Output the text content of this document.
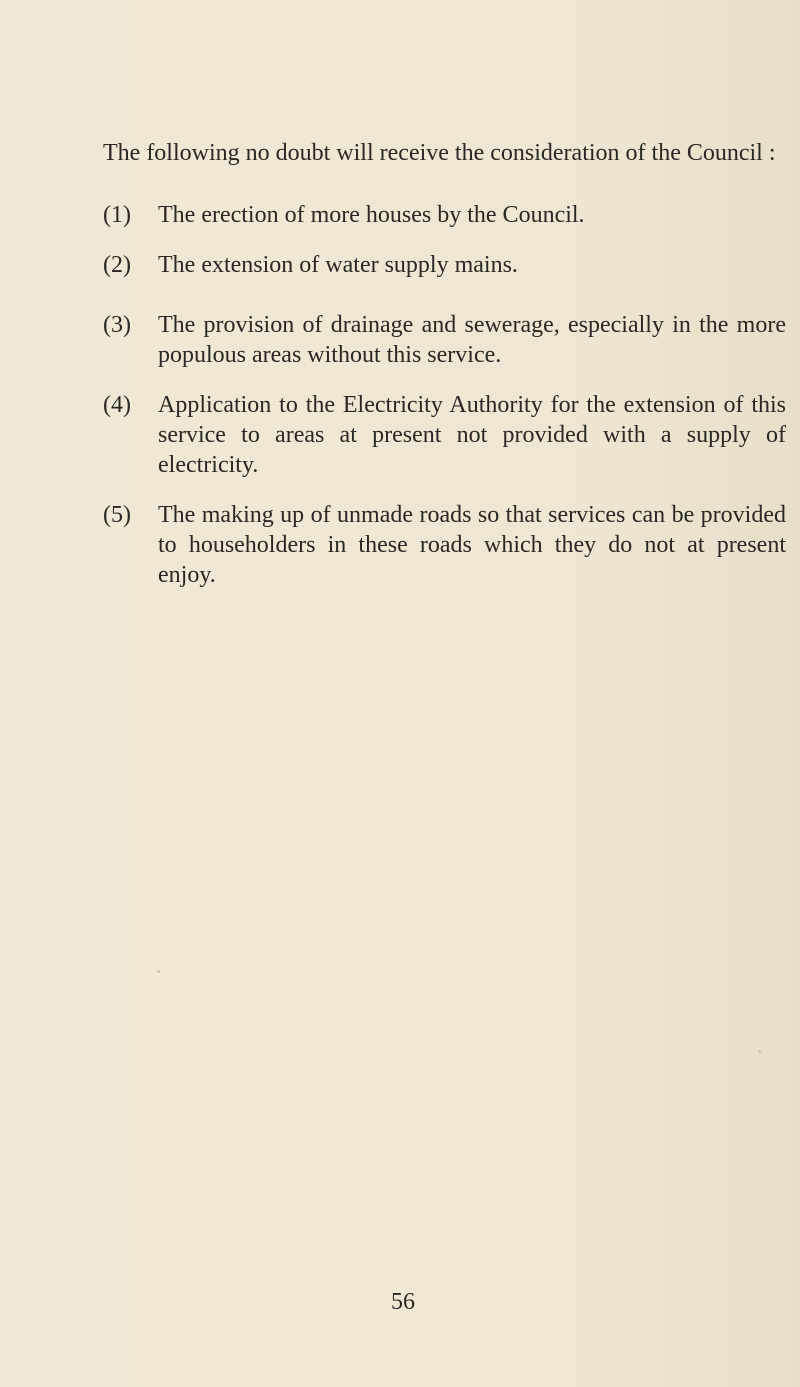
The following no doubt will receive the consideration of the Council :

(1)	The erection of more houses by the Council.
(2)	The extension of water supply mains.
(3)	The provision of drainage and sewerage, especially in the more populous areas without this service.
(4)	Application to the Electricity Authority for the extension of this service to areas at present not provided with a supply of electricity.
(5)	The making up of unmade roads so that services can be provided to householders in these roads which they do not at present enjoy.
56
